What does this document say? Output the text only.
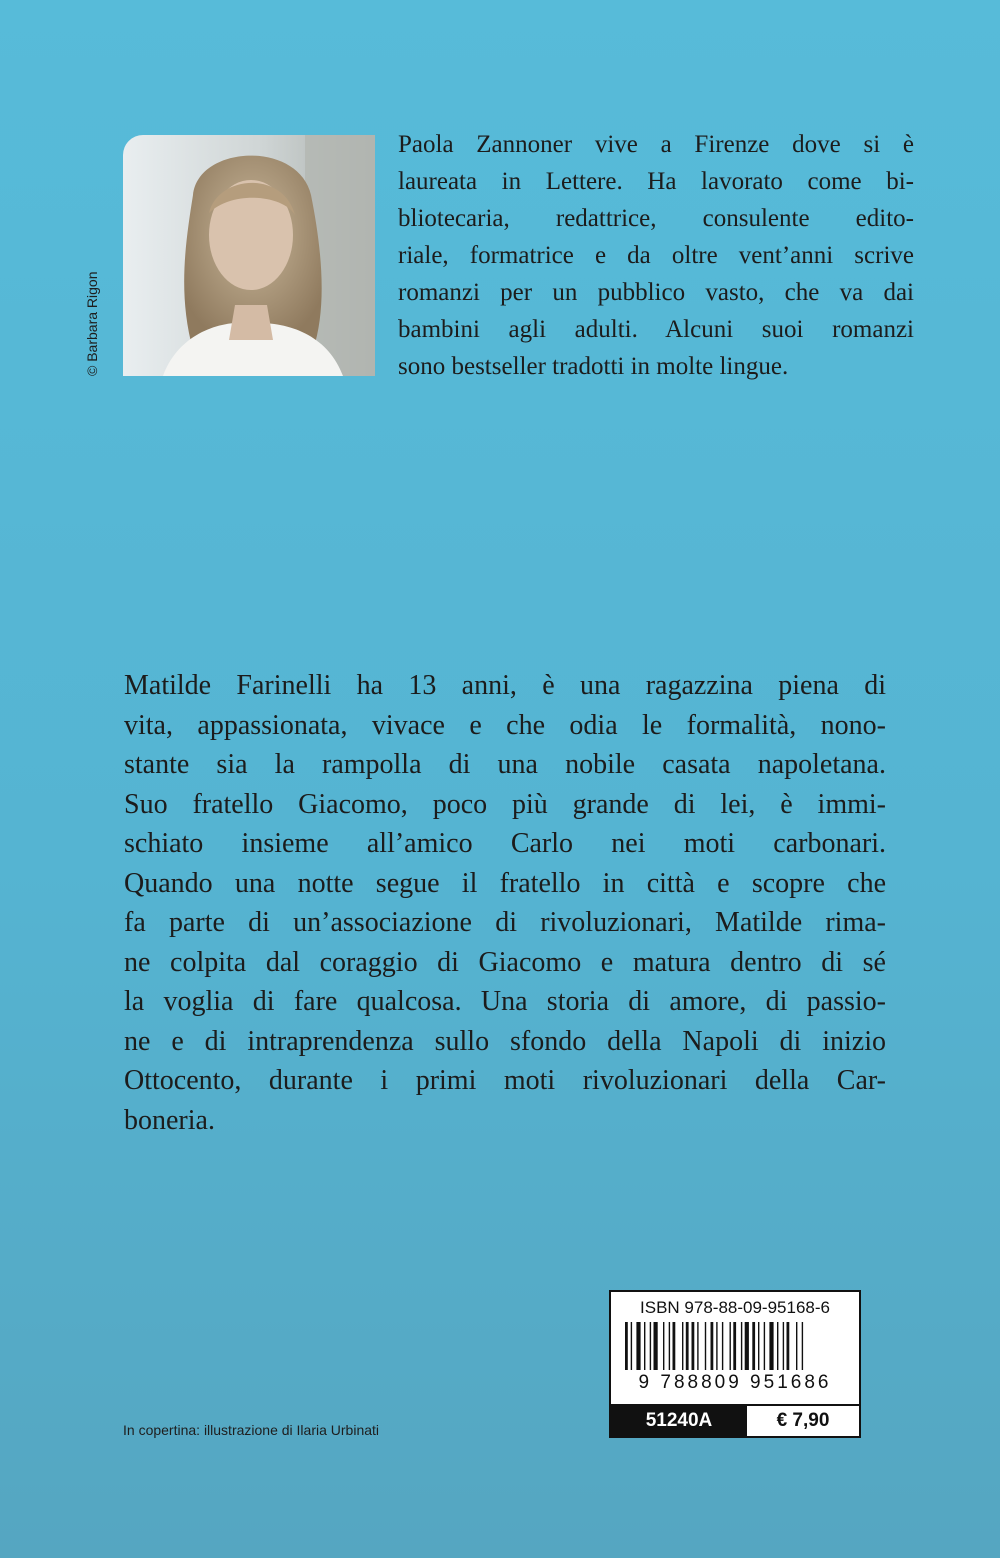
© Barbara Rigon

Paola Zannoner vive a Firenze dove si è
laureata in Lettere. Ha lavorato come bi-
bliotecaria, redattrice, consulente edito-
riale, formatrice e da oltre vent’anni scrive
romanzi per un pubblico vasto, che va dai
bambini agli adulti. Alcuni suoi romanzi
sono bestseller tradotti in molte lingue.

Matilde Farinelli ha 13 anni, è una ragazzina piena di
vita, appassionata, vivace e che odia le formalità, nono-
stante sia la rampolla di una nobile casata napoletana.
Suo fratello Giacomo, poco più grande di lei, è immi-
schiato insieme all’amico Carlo nei moti carbonari.
Quando una notte segue il fratello in città e scopre che
fa parte di un’associazione di rivoluzionari, Matilde rima-
ne colpita dal coraggio di Giacomo e matura dentro di sé
la voglia di fare qualcosa. Una storia di amore, di passio-
ne e di intraprendenza sullo sfondo della Napoli di inizio
Ottocento, durante i primi moti rivoluzionari della Car-
boneria.

In copertina: illustrazione di Ilaria Urbinati
ISBN 978-88-09-95168-6
9 788809 951686
51240A	€ 7,90
